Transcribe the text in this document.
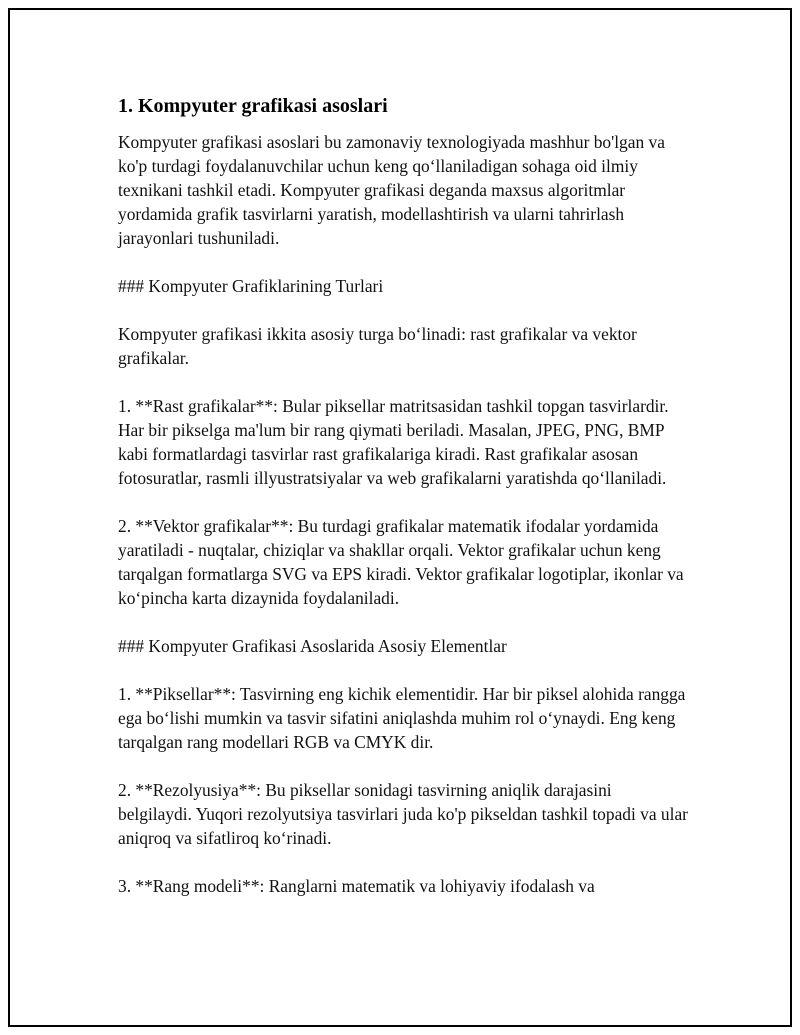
1. Kompyuter grafikasi asoslari

Kompyuter grafikasi asoslari bu zamonaviy texnologiyada mashhur bo'lgan va ko'p turdagi foydalanuvchilar uchun keng qo‘llaniladigan sohaga oid ilmiy texnikani tashkil etadi. Kompyuter grafikasi deganda maxsus algoritmlar yordamida grafik tasvirlarni yaratish, modellashtirish va ularni tahrirlash jarayonlari tushuniladi.

### Kompyuter Grafiklarining Turlari

Kompyuter grafikasi ikkita asosiy turga bo‘linadi: rast grafikalar va vektor grafikalar.

1. **Rast grafikalar**: Bular piksellar matritsasidan tashkil topgan tasvirlardir. Har bir pikselga ma'lum bir rang qiymati beriladi. Masalan, JPEG, PNG, BMP kabi formatlardagi tasvirlar rast grafikalariga kiradi. Rast grafikalar asosan fotosuratlar, rasmli illyustratsiyalar va web grafikalarni yaratishda qo‘llaniladi.

2. **Vektor grafikalar**: Bu turdagi grafikalar matematik ifodalar yordamida yaratiladi - nuqtalar, chiziqlar va shakllar orqali. Vektor grafikalar uchun keng tarqalgan formatlarga SVG va EPS kiradi. Vektor grafikalar logotiplar, ikonlar va ko‘pincha karta dizaynida foydalaniladi.

### Kompyuter Grafikasi Asoslarida Asosiy Elementlar

1. **Piksellar**: Tasvirning eng kichik elementidir. Har bir piksel alohida rangga ega bo‘lishi mumkin va tasvir sifatini aniqlashda muhim rol o‘ynaydi. Eng keng tarqalgan rang modellari RGB va CMYK dir.

2. **Rezolyusiya**: Bu piksellar sonidagi tasvirning aniqlik darajasini belgilaydi. Yuqori rezolyutsiya tasvirlari juda ko'p pikseldan tashkil topadi va ular aniqroq va sifatliroq ko‘rinadi.

3. **Rang modeli**: Ranglarni matematik va lohiyaviy ifodalash va
